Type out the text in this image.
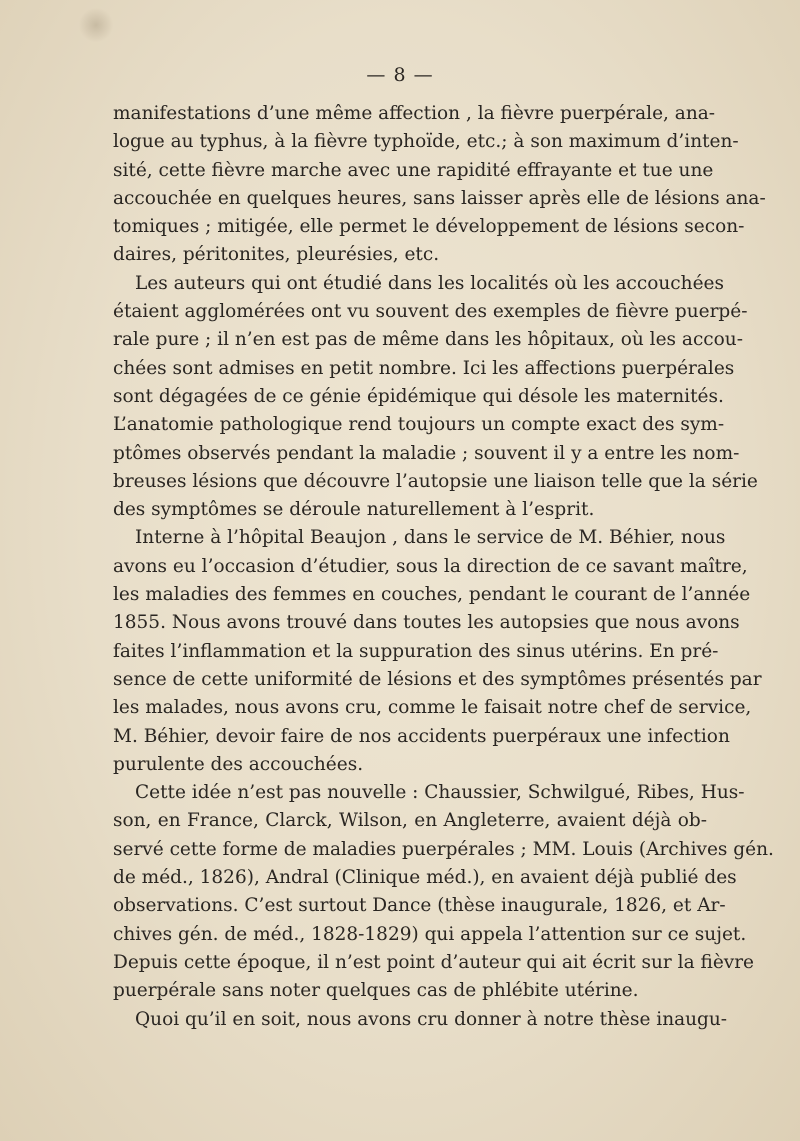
— 8 —
manifestations d’une même affection , la fièvre puerpérale, ana-
logue au typhus, à la fièvre typhoïde, etc.; à son maximum d’inten-
sité, cette fièvre marche avec une rapidité effrayante et tue une
accouchée en quelques heures, sans laisser après elle de lésions ana-
tomiques ; mitigée, elle permet le développement de lésions secon-
daires, péritonites, pleurésies, etc.
Les auteurs qui ont étudié dans les localités où les accouchées
étaient agglomérées ont vu souvent des exemples de fièvre puerpé-
rale pure ; il n’en est pas de même dans les hôpitaux, où les accou-
chées sont admises en petit nombre. Ici les affections puerpérales
sont dégagées de ce génie épidémique qui désole les maternités.
L’anatomie pathologique rend toujours un compte exact des sym-
ptômes observés pendant la maladie ; souvent il y a entre les nom-
breuses lésions que découvre l’autopsie une liaison telle que la série
des symptômes se déroule naturellement à l’esprit.
Interne à l’hôpital Beaujon , dans le service de M. Béhier, nous
avons eu l’occasion d’étudier, sous la direction de ce savant maître,
les maladies des femmes en couches, pendant le courant de l’année
1855. Nous avons trouvé dans toutes les autopsies que nous avons
faites l’inflammation et la suppuration des sinus utérins. En pré-
sence de cette uniformité de lésions et des symptômes présentés par
les malades, nous avons cru, comme le faisait notre chef de service,
M. Béhier, devoir faire de nos accidents puerpéraux une infection
purulente des accouchées.
Cette idée n’est pas nouvelle : Chaussier, Schwilgué, Ribes, Hus-
son, en France, Clarck, Wilson, en Angleterre, avaient déjà ob-
servé cette forme de maladies puerpérales ; MM. Louis (Archives gén.
de méd., 1826), Andral (Clinique méd.), en avaient déjà publié des
observations. C’est surtout Dance (thèse inaugurale, 1826, et Ar-
chives gén. de méd., 1828-1829) qui appela l’attention sur ce sujet.
Depuis cette époque, il n’est point d’auteur qui ait écrit sur la fièvre
puerpérale sans noter quelques cas de phlébite utérine.
Quoi qu’il en soit, nous avons cru donner à notre thèse inaugu-
